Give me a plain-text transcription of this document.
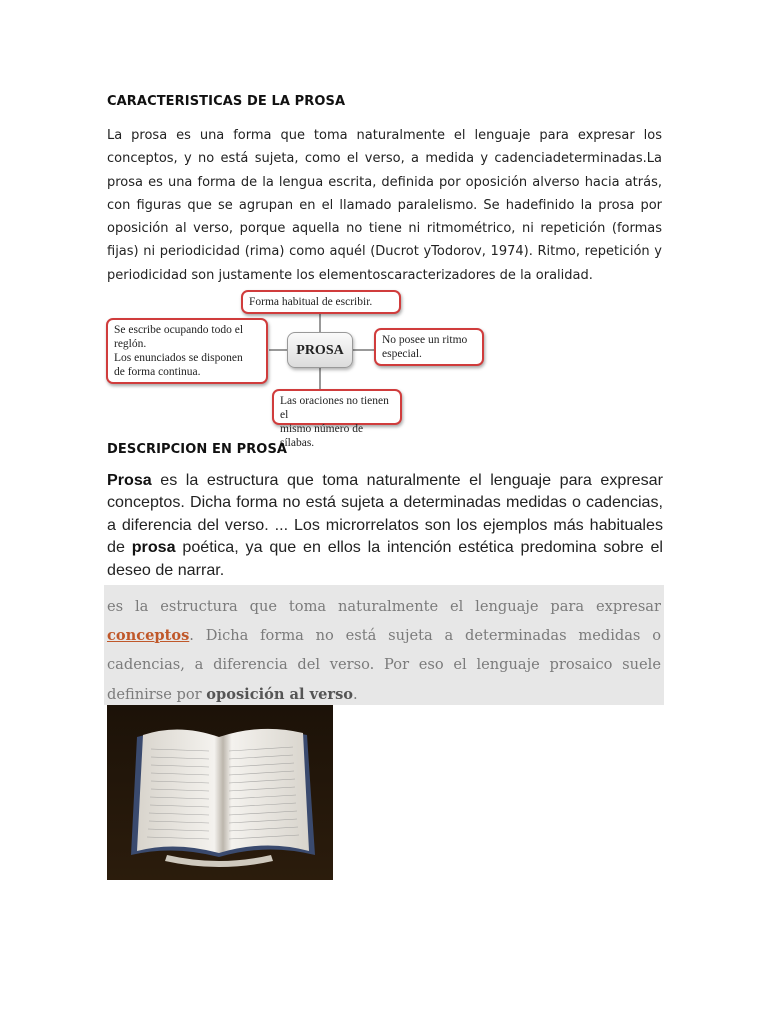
CARACTERISTICAS DE LA PROSA
La prosa es una forma que toma naturalmente el lenguaje para expresar los conceptos, y no está sujeta, como el verso, a medida y cadenciadeterminadas.La prosa es una forma de la lengua escrita, definida por oposición alverso hacia atrás, con figuras que se agrupan en el llamado paralelismo. Se hadefinido la prosa por oposición al verso, porque aquella no tiene ni ritmométrico, ni repetición (formas fijas) ni periodicidad (rima) como aquél (Ducrot yTodorov, 1974). Ritmo, repetición y periodicidad son justamente los elementoscaracterizadores de la oralidad.
Forma habitual de escribir.
Se escribe ocupando todo el
reglón.
Los enunciados se disponen
de forma continua.
PROSA
No posee un ritmo
especial.
Las oraciones no tienen el
mismo número de sílabas.
DESCRIPCION EN PROSA
Prosa es la estructura que toma naturalmente el lenguaje para expresar conceptos. Dicha forma no está sujeta a determinadas medidas o cadencias, a diferencia del verso. ... Los microrrelatos son los ejemplos más habituales de prosa poética, ya que en ellos la intención estética predomina sobre el deseo de narrar.
es la estructura que toma naturalmente el lenguaje para expresar conceptos. Dicha forma no está sujeta a determinadas medidas o cadencias, a diferencia del verso. Por eso el lenguaje prosaico suele definirse por oposición al verso.
